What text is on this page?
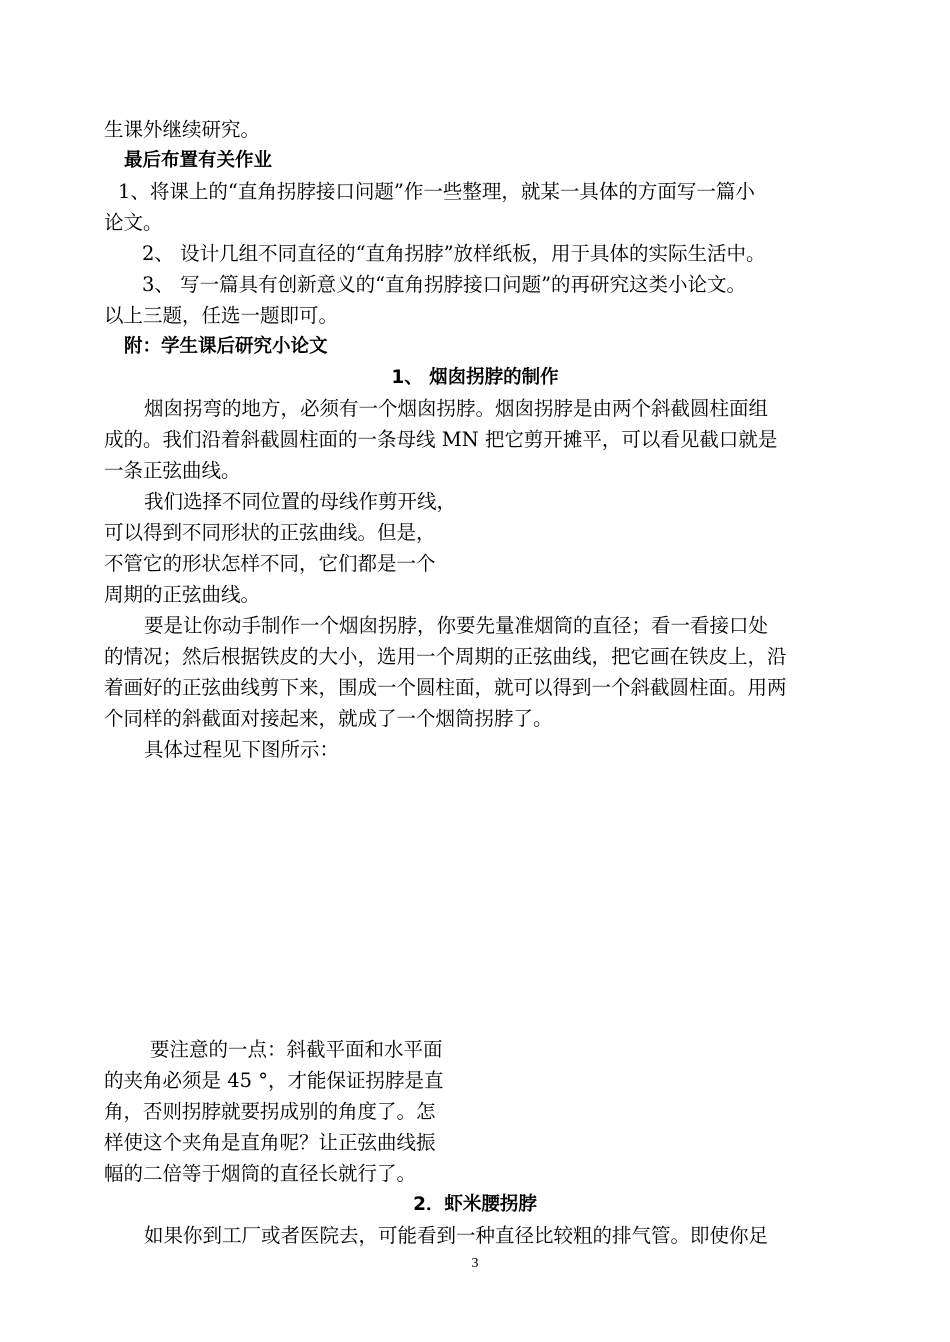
生课外继续研究。

最后布置有关作业

1、将课上的“直角拐脖接口问题”作一些整理，就某一具体的方面写一篇小

论文。

2、 设计几组不同直径的“直角拐脖”放样纸板，用于具体的实际生活中。

3、 写一篇具有创新意义的“直角拐脖接口问题”的再研究这类小论文。

以上三题，任选一题即可。

附：学生课后研究小论文

1、 烟囱拐脖的制作

烟囱拐弯的地方，必须有一个烟囱拐脖。烟囱拐脖是由两个斜截圆柱面组

成的。我们沿着斜截圆柱面的一条母线 MN 把它剪开摊平，可以看见截口就是

一条正弦曲线。

我们选择不同位置的母线作剪开线，

可以得到不同形状的正弦曲线。但是，

不管它的形状怎样不同，它们都是一个

周期的正弦曲线。

要是让你动手制作一个烟囱拐脖，你要先量准烟筒的直径；看一看接口处

的情况；然后根据铁皮的大小，选用一个周期的正弦曲线，把它画在铁皮上，沿

着画好的正弦曲线剪下来，围成一个圆柱面，就可以得到一个斜截圆柱面。用两

个同样的斜截面对接起来，就成了一个烟筒拐脖了。

具体过程见下图所示：

要注意的一点：斜截平面和水平面

的夹角必须是 45 °，才能保证拐脖是直

角，否则拐脖就要拐成别的角度了。怎

样使这个夹角是直角呢？让正弦曲线振

幅的二倍等于烟筒的直径长就行了。

2．虾米腰拐脖

如果你到工厂或者医院去，可能看到一种直径比较粗的排气管。即使你足

3
